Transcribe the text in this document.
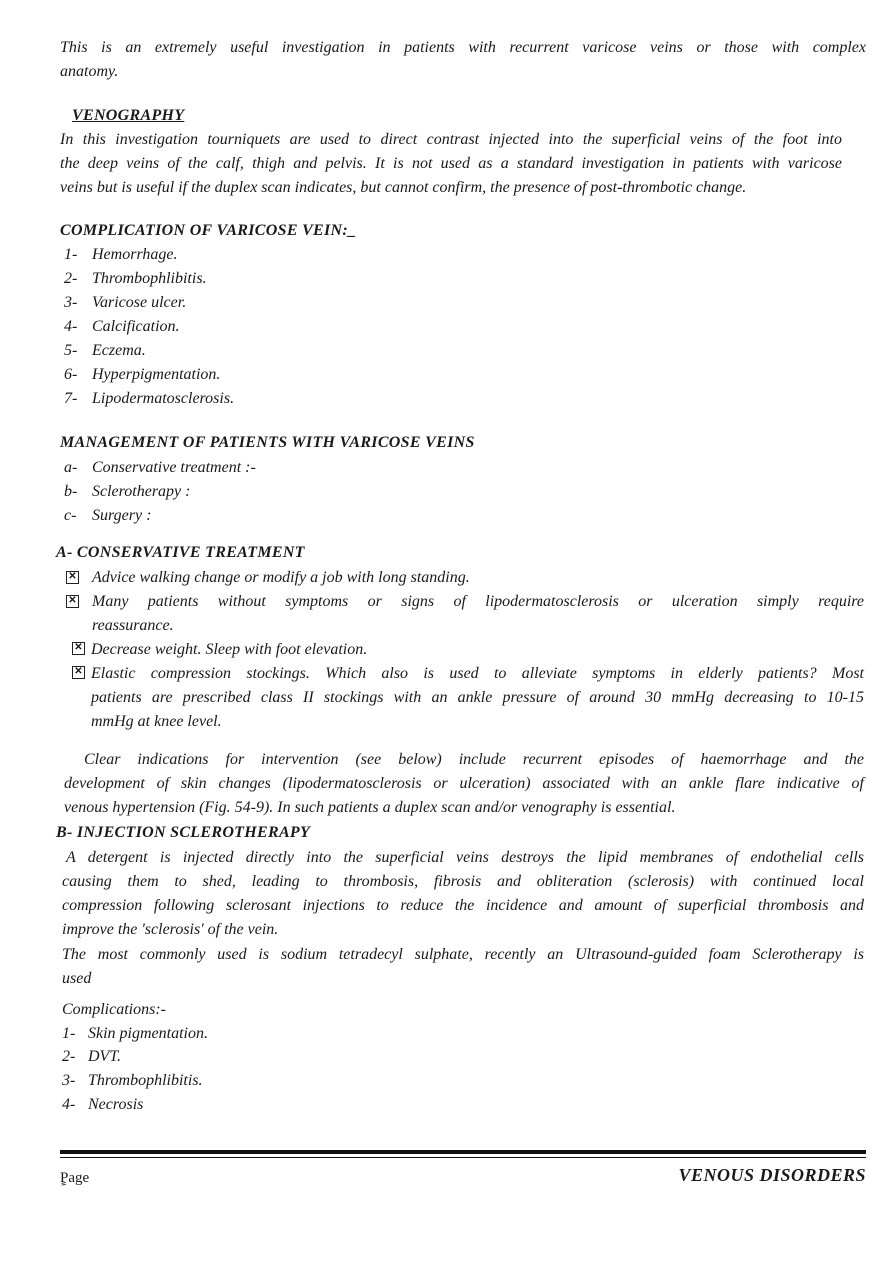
This is an extremely useful investigation in patients with recurrent varicose veins or those with complex
anatomy.
VENOGRAPHY
In this investigation tourniquets are used to direct contrast injected into the superficial veins of the foot into
the deep veins of the calf, thigh and pelvis. It is not used as a standard investigation in patients with varicose
veins but is useful if the duplex scan indicates, but cannot confirm, the presence of post-thrombotic change.
COMPLICATION OF VARICOSE VEIN:_
1- Hemorrhage.
2- Thrombophlibitis.
3- Varicose ulcer.
4- Calcification.
5- Eczema.
6- Hyperpigmentation.
7- Lipodermatosclerosis.
MANAGEMENT OF PATIENTS WITH VARICOSE VEINS
a- Conservative treatment :-
b- Sclerotherapy :
c- Surgery :
A- CONSERVATIVE TREATMENT
✕ Advice walking change or modify a job with long standing.
✕ Many patients without symptoms or signs of lipodermatosclerosis or ulceration simply require
reassurance.
✕ Decrease weight. Sleep with foot elevation.
✕ Elastic compression stockings. Which also is used to alleviate symptoms in elderly patients? Most
patients are prescribed class II stockings with an ankle pressure of around 30 mmHg decreasing to 10-15
mmHg at knee level.
Clear indications for intervention (see below) include recurrent episodes of haemorrhage and the
development of skin changes (lipodermatosclerosis or ulceration) associated with an ankle flare indicative of
venous hypertension (Fig. 54-9). In such patients a duplex scan and/or venography is essential.
B- INJECTION SCLEROTHERAPY
A detergent is injected directly into the superficial veins destroys the lipid membranes of endothelial cells
causing them to shed, leading to thrombosis, fibrosis and obliteration (sclerosis) with continued local
compression following sclerosant injections to reduce the incidence and amount of superficial thrombosis and
improve the 'sclerosis' of the vein.
The most commonly used is sodium tetradecyl sulphate, recently an Ultrasound-guided foam Sclerotherapy is
used
Complications:-
1- Skin pigmentation.
2- DVT.
3- Thrombophlibitis.
4- Necrosis
ٍPage	VENOUS DISORDERS
